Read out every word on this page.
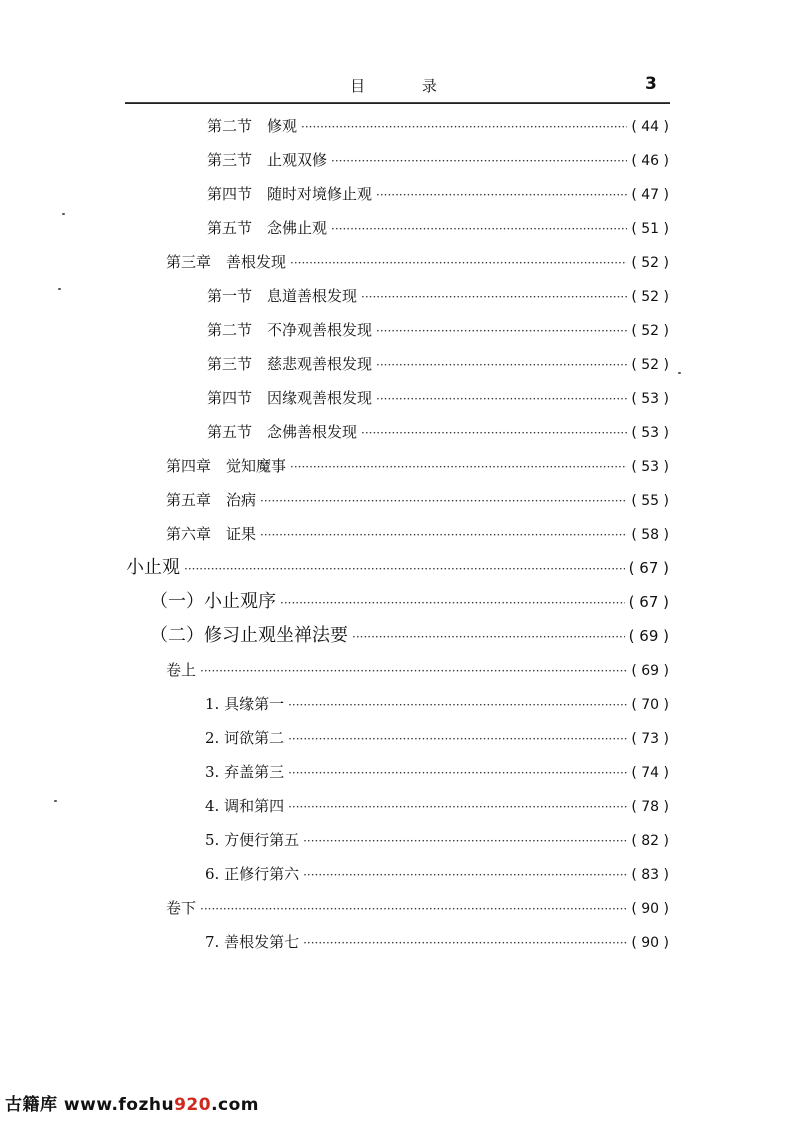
目 录	3
第二节　修观 ·····	( 44 )
第三节　止观双修 ·····	( 46 )
第四节　随时对境修止观 ·····	( 47 )
第五节　念佛止观 ·····	( 51 )
第三章　善根发现 ·····	( 52 )
第一节　息道善根发现 ·····	( 52 )
第二节　不净观善根发现 ·····	( 52 )
第三节　慈悲观善根发现 ·····	( 52 )
第四节　因缘观善根发现 ·····	( 53 )
第五节　念佛善根发现 ·····	( 53 )
第四章　觉知魔事 ·····	( 53 )
第五章　治病 ·····	( 55 )
第六章　证果 ·····	( 58 )
小止观 ·····	( 67 )
（一）小止观序 ·····	( 67 )
（二）修习止观坐禅法要 ·····	( 69 )
卷上 ·····	( 69 )
1. 具缘第一 ·····	( 70 )
2. 诃欲第二 ·····	( 73 )
3. 弃盖第三 ·····	( 74 )
4. 调和第四 ·····	( 78 )
5. 方便行第五 ·····	( 82 )
6. 正修行第六 ·····	( 83 )
卷下 ·····	( 90 )
7. 善根发第七 ·····	( 90 )
古籍库 www.fozhu920.com
